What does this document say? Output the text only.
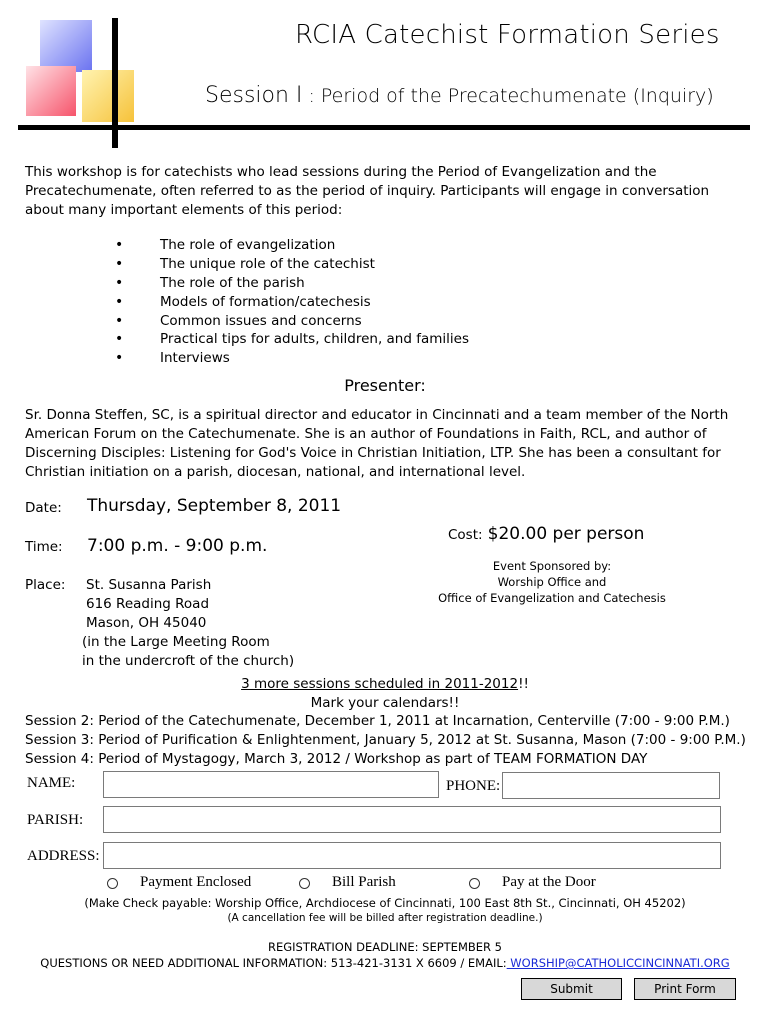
RCIA Catechist Formation Series
Session I : Period of the Precatechumenate (Inquiry)
This workshop is for catechists who lead sessions during the Period of Evangelization and the Precatechumenate, often referred to as the period of inquiry. Participants will engage in conversation about many important elements of this period:
•	The role of evangelization
•	The unique role of the catechist
•	The role of the parish
•	Models of formation/catechesis
•	Common issues and concerns
•	Practical tips for adults, children, and families
•	Interviews
Presenter:
Sr. Donna Steffen, SC, is a spiritual director and educator in Cincinnati and a team member of the North American Forum on the Catechumenate. She is an author of Foundations in Faith, RCL, and author of Discerning Disciples: Listening for God's Voice in Christian Initiation, LTP. She has been a consultant for Christian initiation on a parish, diocesan, national, and international level.
Date: Thursday, September 8, 2011
Time: 7:00 p.m. - 9:00 p.m.
Place: St. Susanna Parish
616 Reading Road
Mason, OH 45040
(in the Large Meeting Room
in the undercroft of the church)
Cost: $20.00 per person
Event Sponsored by:
Worship Office and
Office of Evangelization and Catechesis
3 more sessions scheduled in 2011-2012!!
Mark your calendars!!
Session 2: Period of the Catechumenate, December 1, 2011 at Incarnation, Centerville (7:00 - 9:00 P.M.)
Session 3: Period of Purification & Enlightenment, January 5, 2012 at St. Susanna, Mason (7:00 - 9:00 P.M.)
Session 4: Period of Mystagogy, March 3, 2012 / Workshop as part of TEAM FORMATION DAY
NAME:	PHONE:
PARISH:
ADDRESS:
Payment Enclosed	Bill Parish	Pay at the Door
(Make Check payable: Worship Office, Archdiocese of Cincinnati, 100 East 8th St., Cincinnati, OH 45202)
(A cancellation fee will be billed after registration deadline.)
REGISTRATION DEADLINE: SEPTEMBER 5
QUESTIONS OR NEED ADDITIONAL INFORMATION: 513-421-3131 X 6609 / EMAIL: WORSHIP@CATHOLICCINCINNATI.ORG
Submit	Print Form
